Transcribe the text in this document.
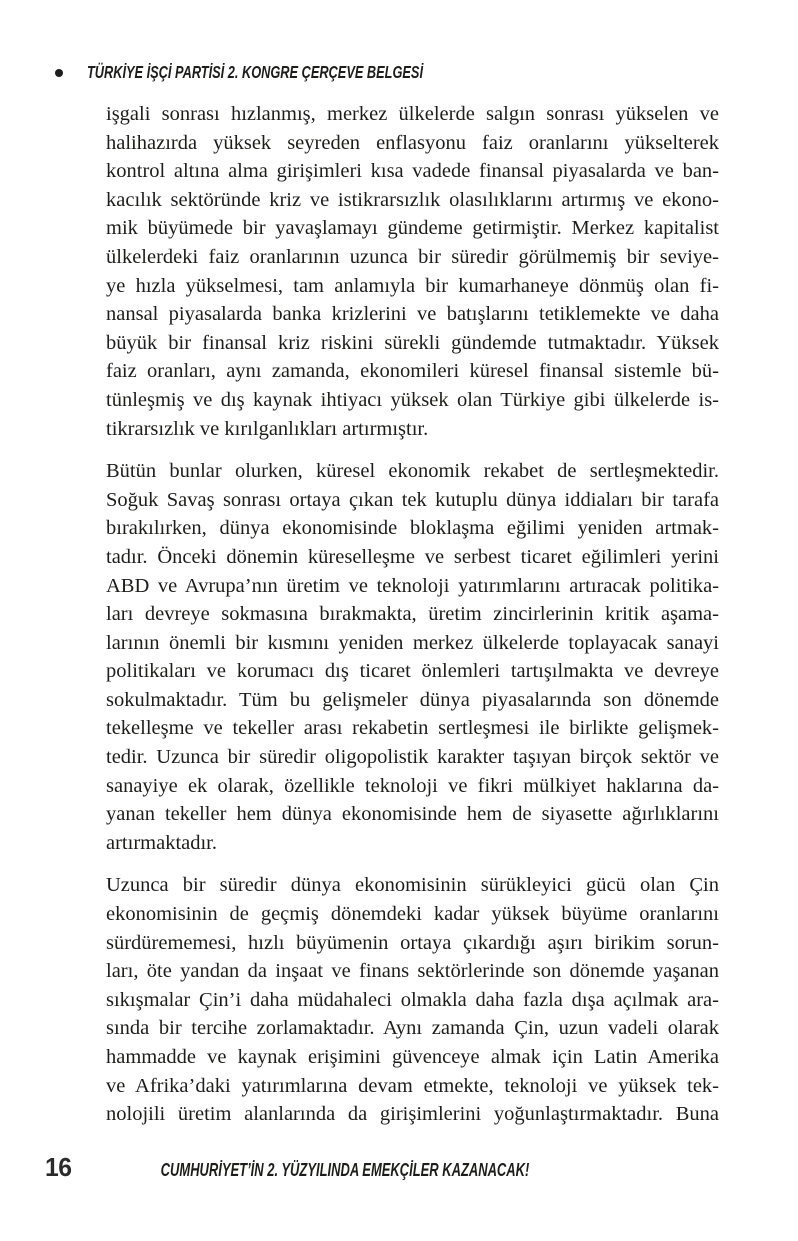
TÜRKİYE İŞÇİ PARTİSİ 2. KONGRE ÇERÇEVE BELGESİ
işgali sonrası hızlanmış, merkez ülkelerde salgın sonrası yükselen ve
halihazırda yüksek seyreden enflasyonu faiz oranlarını yükselterek
kontrol altına alma girişimleri kısa vadede finansal piyasalarda ve ban-
kacılık sektöründe kriz ve istikrarsızlık olasılıklarını artırmış ve ekono-
mik büyümede bir yavaşlamayı gündeme getirmiştir. Merkez kapitalist
ülkelerdeki faiz oranlarının uzunca bir süredir görülmemiş bir seviye-
ye hızla yükselmesi, tam anlamıyla bir kumarhaneye dönmüş olan fi-
nansal piyasalarda banka krizlerini ve batışlarını tetiklemekte ve daha
büyük bir finansal kriz riskini sürekli gündemde tutmaktadır. Yüksek
faiz oranları, aynı zamanda, ekonomileri küresel finansal sistemle bü-
tünleşmiş ve dış kaynak ihtiyacı yüksek olan Türkiye gibi ülkelerde is-
tikrarsızlık ve kırılganlıkları artırmıştır.
Bütün bunlar olurken, küresel ekonomik rekabet de sertleşmektedir.
Soğuk Savaş sonrası ortaya çıkan tek kutuplu dünya iddiaları bir tarafa
bırakılırken, dünya ekonomisinde bloklaşma eğilimi yeniden artmak-
tadır. Önceki dönemin küreselleşme ve serbest ticaret eğilimleri yerini
ABD ve Avrupa’nın üretim ve teknoloji yatırımlarını artıracak politika-
ları devreye sokmasına bırakmakta, üretim zincirlerinin kritik aşama-
larının önemli bir kısmını yeniden merkez ülkelerde toplayacak sanayi
politikaları ve korumacı dış ticaret önlemleri tartışılmakta ve devreye
sokulmaktadır. Tüm bu gelişmeler dünya piyasalarında son dönemde
tekelleşme ve tekeller arası rekabetin sertleşmesi ile birlikte gelişmek-
tedir. Uzunca bir süredir oligopolistik karakter taşıyan birçok sektör ve
sanayiye ek olarak, özellikle teknoloji ve fikri mülkiyet haklarına da-
yanan tekeller hem dünya ekonomisinde hem de siyasette ağırlıklarını
artırmaktadır.
Uzunca bir süredir dünya ekonomisinin sürükleyici gücü olan Çin
ekonomisinin de geçmiş dönemdeki kadar yüksek büyüme oranlarını
sürdürememesi, hızlı büyümenin ortaya çıkardığı aşırı birikim sorun-
ları, öte yandan da inşaat ve finans sektörlerinde son dönemde yaşanan
sıkışmalar Çin’i daha müdahaleci olmakla daha fazla dışa açılmak ara-
sında bir tercihe zorlamaktadır. Aynı zamanda Çin, uzun vadeli olarak
hammadde ve kaynak erişimini güvenceye almak için Latin Amerika
ve Afrika’daki yatırımlarına devam etmekte, teknoloji ve yüksek tek-
nolojili üretim alanlarında da girişimlerini yoğunlaştırmaktadır. Buna
16	CUMHURİYET’İN 2. YÜZYILINDA EMEKÇİLER KAZANACAK!
